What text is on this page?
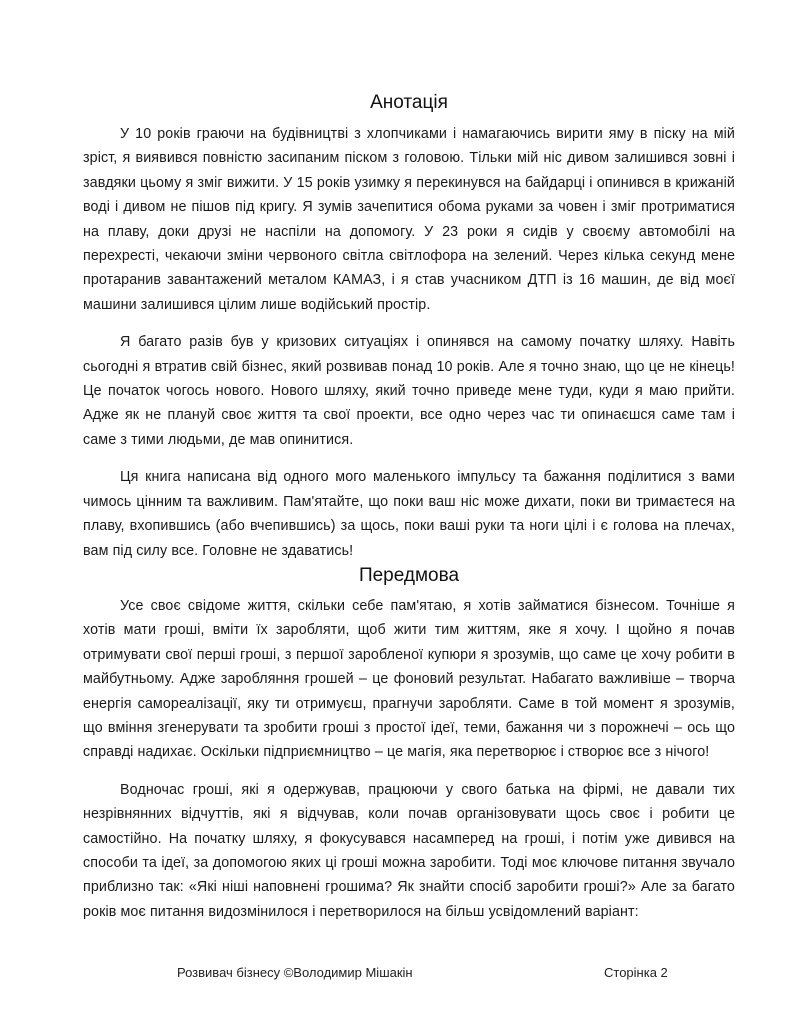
Анотація

У 10 років граючи на будівництві з хлопчиками і намагаючись вирити яму в піску на мій зріст, я виявився повністю засипаним піском з головою. Тільки мій ніс дивом залишився зовні і завдяки цьому я зміг вижити. У 15 років узимку я перекинувся на байдарці і опинився в крижаній воді і дивом не пішов під кригу. Я зумів зачепитися обома руками за човен і зміг протриматися на плаву, доки друзі не наспіли на допомогу. У 23 роки я сидів у своєму автомобілі на перехресті, чекаючи зміни червоного світла світлофора на зелений. Через кілька секунд мене протаранив завантажений металом КАМАЗ, і я став учасником ДТП із 16 машин, де від моєї машини залишився цілим лише водійський простір.

Я багато разів був у кризових ситуаціях і опинявся на самому початку шляху. Навіть сьогодні я втратив свій бізнес, який розвивав понад 10 років. Але я точно знаю, що це не кінець! Це початок чогось нового. Нового шляху, який точно приведе мене туди, куди я маю прийти. Адже як не плануй своє життя та свої проекти, все одно через час ти опинаєшся саме там і саме з тими людьми, де мав опинитися.

Ця книга написана від одного мого маленького імпульсу та бажання поділитися з вами чимось цінним та важливим. Пам'ятайте, що поки ваш ніс може дихати, поки ви тримаєтеся на плаву, вхопившись (або вчепившись) за щось, поки ваші руки та ноги цілі і є голова на плечах, вам під силу все. Головне не здаватись!

Передмова

Усе своє свідоме життя, скільки себе пам'ятаю, я хотів займатися бізнесом. Точніше я хотів мати гроші, вміти їх заробляти, щоб жити тим життям, яке я хочу. І щойно я почав отримувати свої перші гроші, з першої заробленої купюри я зрозумів, що саме це хочу робити в майбутньому. Адже заробляння грошей – це фоновий результат. Набагато важливіше – творча енергія самореалізації, яку ти отримуєш, прагнучи заробляти. Саме в той момент я зрозумів, що вміння згенерувати та зробити гроші з простої ідеї, теми, бажання чи з порожнечі – ось що справді надихає. Оскільки підприємництво – це магія, яка перетворює і створює все з нічого!

Водночас гроші, які я одержував, працюючи у свого батька на фірмі, не давали тих незрівнянних відчуттів, які я відчував, коли почав організовувати щось своє і робити це самостійно. На початку шляху, я фокусувався насамперед на гроші, і потім уже дивився на способи та ідеї, за допомогою яких ці гроші можна заробити. Тоді моє ключове питання звучало приблизно так: «Які ніші наповнені грошима? Як знайти спосіб заробити гроші?» Але за багато років моє питання видозмінилося і перетворилося на більш усвідомлений варіант:

Розвивач бізнесу ©Володимир Мішакін	Сторінка 2
